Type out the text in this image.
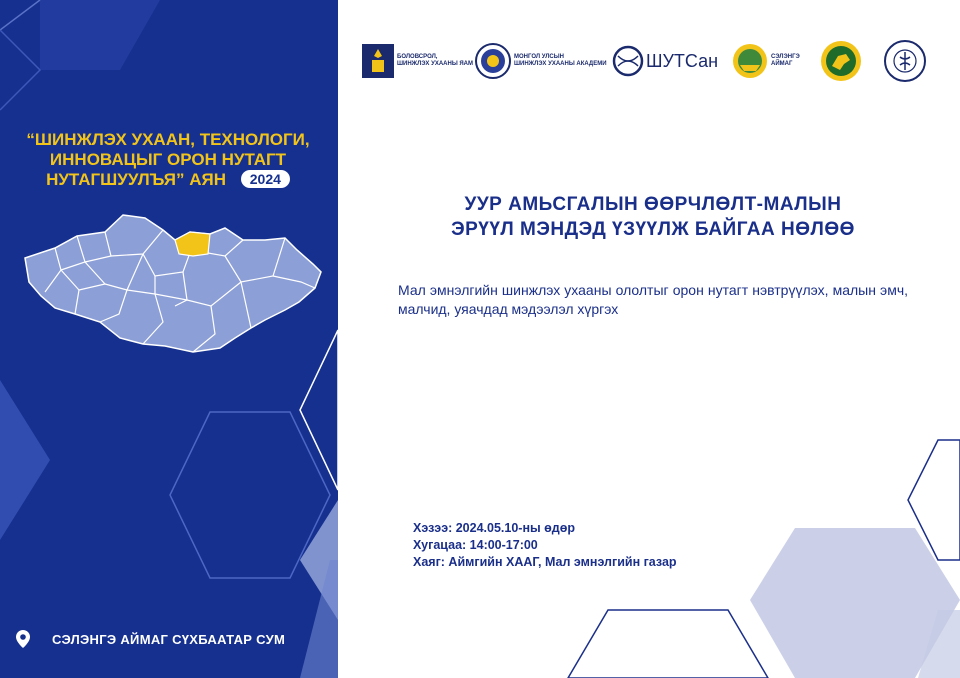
“ШИНЖЛЭХ УХААН, ТЕХНОЛОГИ,
ИННОВАЦЫГ ОРОН НУТАГТ
НУТАГШУУЛЪЯ” АЯН 2024
СЭЛЭНГЭ АЙМАГ СҮХБААТАР СУМ
БОЛОВСРОЛ,
ШИНЖЛЭХ УХААНЫ ЯАМ
МОНГОЛ УЛСЫН
ШИНЖЛЭХ УХААНЫ АКАДЕМИ ШУТСан	СЭЛЭНГЭ
АЙМАГ
УУР АМЬСГАЛЫН ӨӨРЧЛӨЛТ-МАЛЫН
ЭРҮҮЛ МЭНДЭД ҮЗҮҮЛЖ БАЙГАА НӨЛӨӨ
Мал эмнэлгийн шинжлэх ухааны ололтыг орон нутагт нэвтрүүлэх, малын эмч, малчид, уяачдад мэдээлэл хүргэх
Хэзээ: 2024.05.10-ны өдөр
Хугацаа: 14:00-17:00
Хаяг: Аймгийн ХААГ, Мал эмнэлгийн газар
